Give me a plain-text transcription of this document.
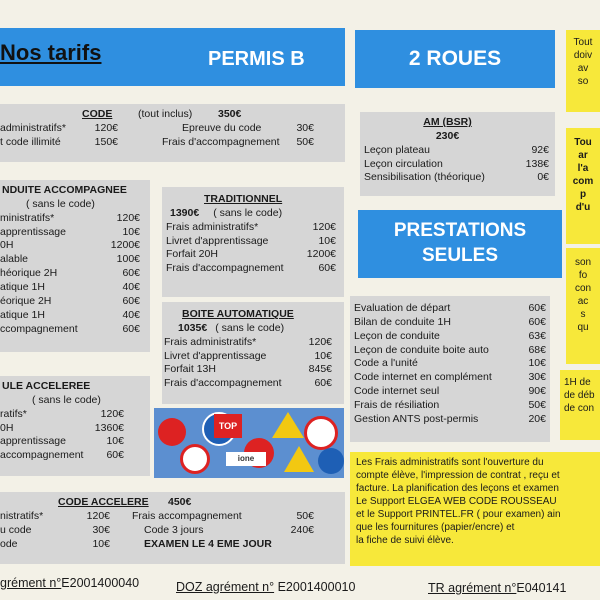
Nos tarifs	PERMIS B	2 ROUES
CODE (tout inclus) 350€
administratifs*	120€
t code illimité	150€
Epreuve du code	30€
Frais d'accompagnement 50€
NDUITE ACCOMPAGNEE
( sans le code)
ministratifs*	120€
apprentissage	10€
0H	1200€
alable	100€
héorique 2H	60€
atique 1H	40€
éorique 2H	60€
atique 1H	40€
ccompagnement	60€
TRADITIONNEL
1390€ ( sans le code)
Frais administratifs*	120€
Livret d'apprentissage	10€
Forfait 20H	1200€
Frais d'accompagnement	60€
BOITE AUTOMATIQUE
1035€ ( sans le code)
Frais administratifs*	120€
Livret d'apprentissage	10€
Forfait 13H	845€
Frais d'accompagnement	60€
ULE ACCELEREE
( sans le code)
ratifs*	120€
0H	1360€
apprentissage	10€
accompagnement 60€
TOP
ione
CODE ACCELERE 450€
nistratifs*	120€
u code	30€
ode	10€
Frais accompagnement	50€
Code 3 jours	240€
EXAMEN LE 4 EME JOUR
AM (BSR)
230€
Leçon plateau	92€
Leçon circulation	138€
Sensibilisation (théorique)	0€
PRESTATIONS
SEULES
Evaluation de départ	60€
Bilan de conduite 1H	60€
Leçon de conduite	63€
Leçon de conduite boite auto	68€
Code a l'unité	10€
Code internet en complément	30€
Code internet seul	90€
Frais de résiliation	50€
Gestion ANTS post-permis	20€
Les Frais administratifs sont l'ouverture du
compte élève, l'impression de contrat , reçu et
facture. La planification des leçons et examen
Le Support ELGEA WEB CODE ROUSSEAU
et le Support PRINTEL.FR ( pour examen) ain
que les fournitures (papier/encre) et
la fiche de suivi élève.
Tout
doiv
av
so
Tou
ar
l'a
com
p
d'u
son
fo
con
ac
s
qu
1H de
de déb
de con
grément n°E2001400040	DOZ agrément n° E2001400010	TR agrément n°E040141
